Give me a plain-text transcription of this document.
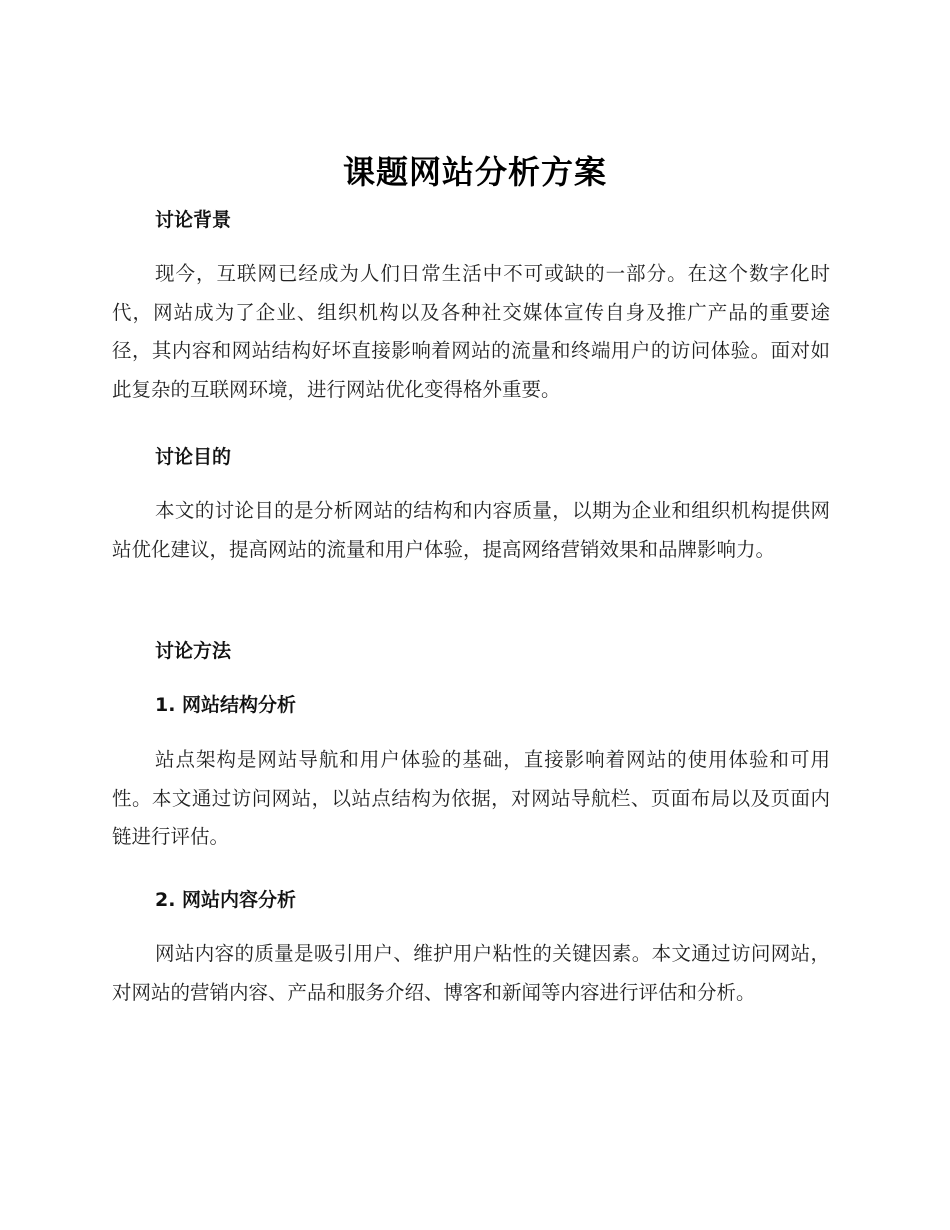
课题网站分析方案
讨论背景
现今，互联网已经成为人们日常生活中不可或缺的一部分。在这个数字化时代，网站成为了企业、组织机构以及各种社交媒体宣传自身及推广产品的重要途径，其内容和网站结构好坏直接影响着网站的流量和终端用户的访问体验。面对如此复杂的互联网环境，进行网站优化变得格外重要。
讨论目的
本文的讨论目的是分析网站的结构和内容质量，以期为企业和组织机构提供网站优化建议，提高网站的流量和用户体验，提高网络营销效果和品牌影响力。
讨论方法
1. 网站结构分析
站点架构是网站导航和用户体验的基础，直接影响着网站的使用体验和可用性。本文通过访问网站，以站点结构为依据，对网站导航栏、页面布局以及页面内链进行评估。
2. 网站内容分析
网站内容的质量是吸引用户、维护用户粘性的关键因素。本文通过访问网站，对网站的营销内容、产品和服务介绍、博客和新闻等内容进行评估和分析。
